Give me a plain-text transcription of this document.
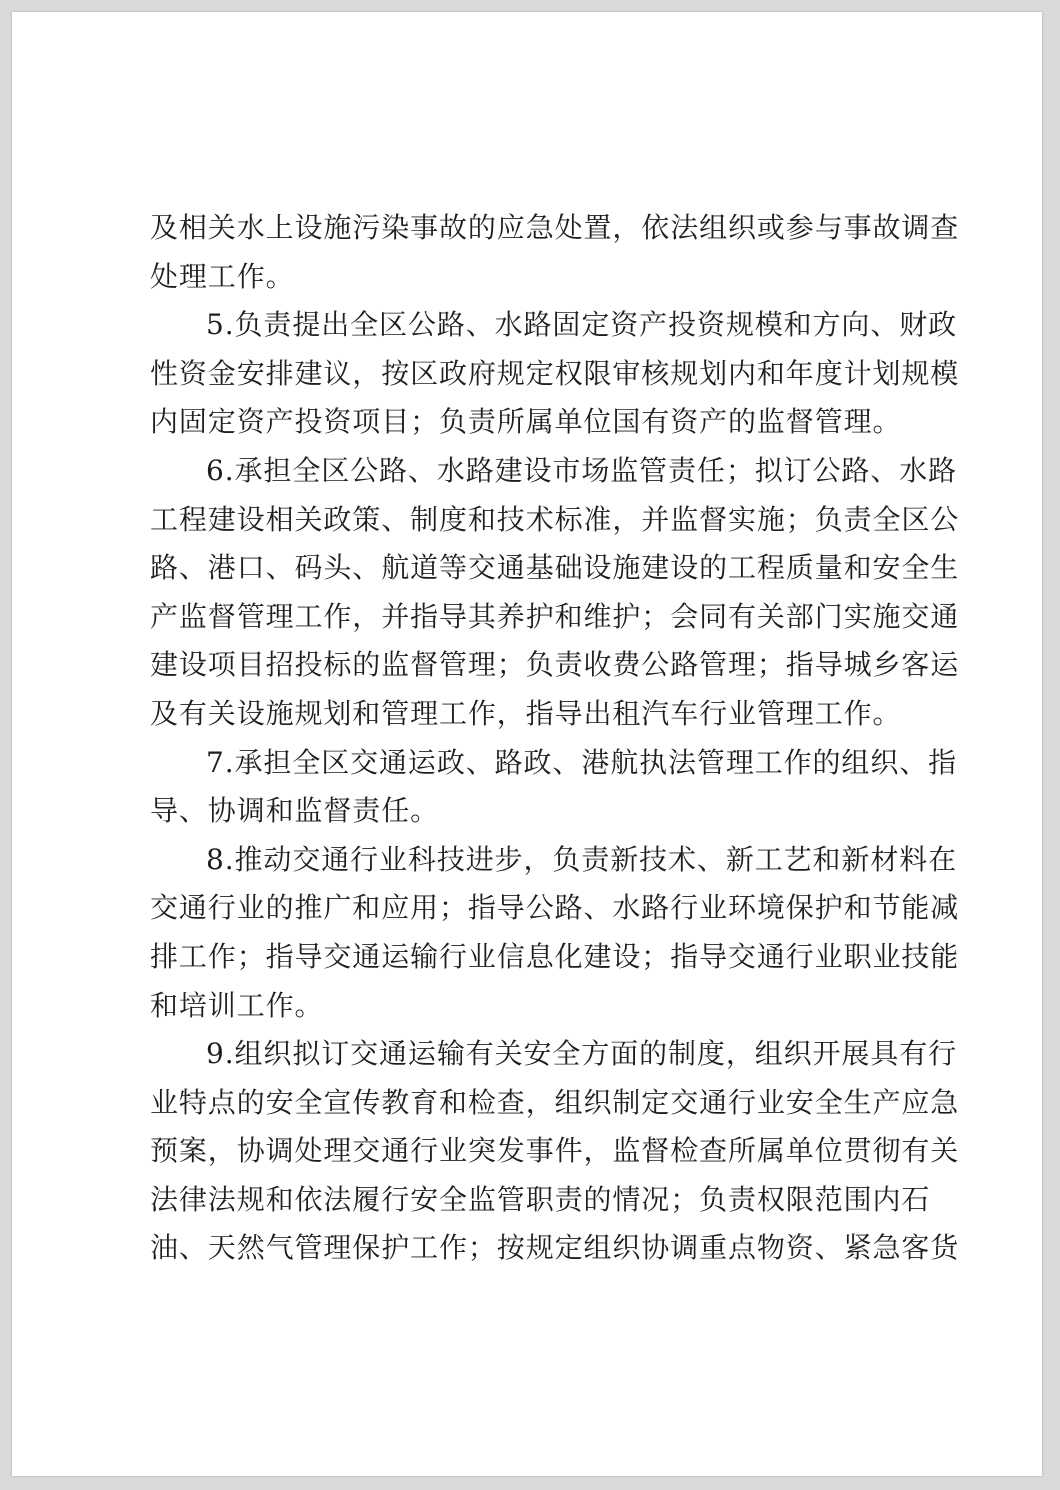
及相关水上设施污染事故的应急处置，依法组织或参与事故调查
处理工作。
5.负责提出全区公路、水路固定资产投资规模和方向、财政
性资金安排建议，按区政府规定权限审核规划内和年度计划规模
内固定资产投资项目；负责所属单位国有资产的监督管理。
6.承担全区公路、水路建设市场监管责任；拟订公路、水路
工程建设相关政策、制度和技术标准，并监督实施；负责全区公
路、港口、码头、航道等交通基础设施建设的工程质量和安全生
产监督管理工作，并指导其养护和维护；会同有关部门实施交通
建设项目招投标的监督管理；负责收费公路管理；指导城乡客运
及有关设施规划和管理工作，指导出租汽车行业管理工作。
7.承担全区交通运政、路政、港航执法管理工作的组织、指
导、协调和监督责任。
8.推动交通行业科技进步，负责新技术、新工艺和新材料在
交通行业的推广和应用；指导公路、水路行业环境保护和节能减
排工作；指导交通运输行业信息化建设；指导交通行业职业技能
和培训工作。
9.组织拟订交通运输有关安全方面的制度，组织开展具有行
业特点的安全宣传教育和检查，组织制定交通行业安全生产应急
预案，协调处理交通行业突发事件，监督检查所属单位贯彻有关
法律法规和依法履行安全监管职责的情况；负责权限范围内石
油、天然气管理保护工作；按规定组织协调重点物资、紧急客货
